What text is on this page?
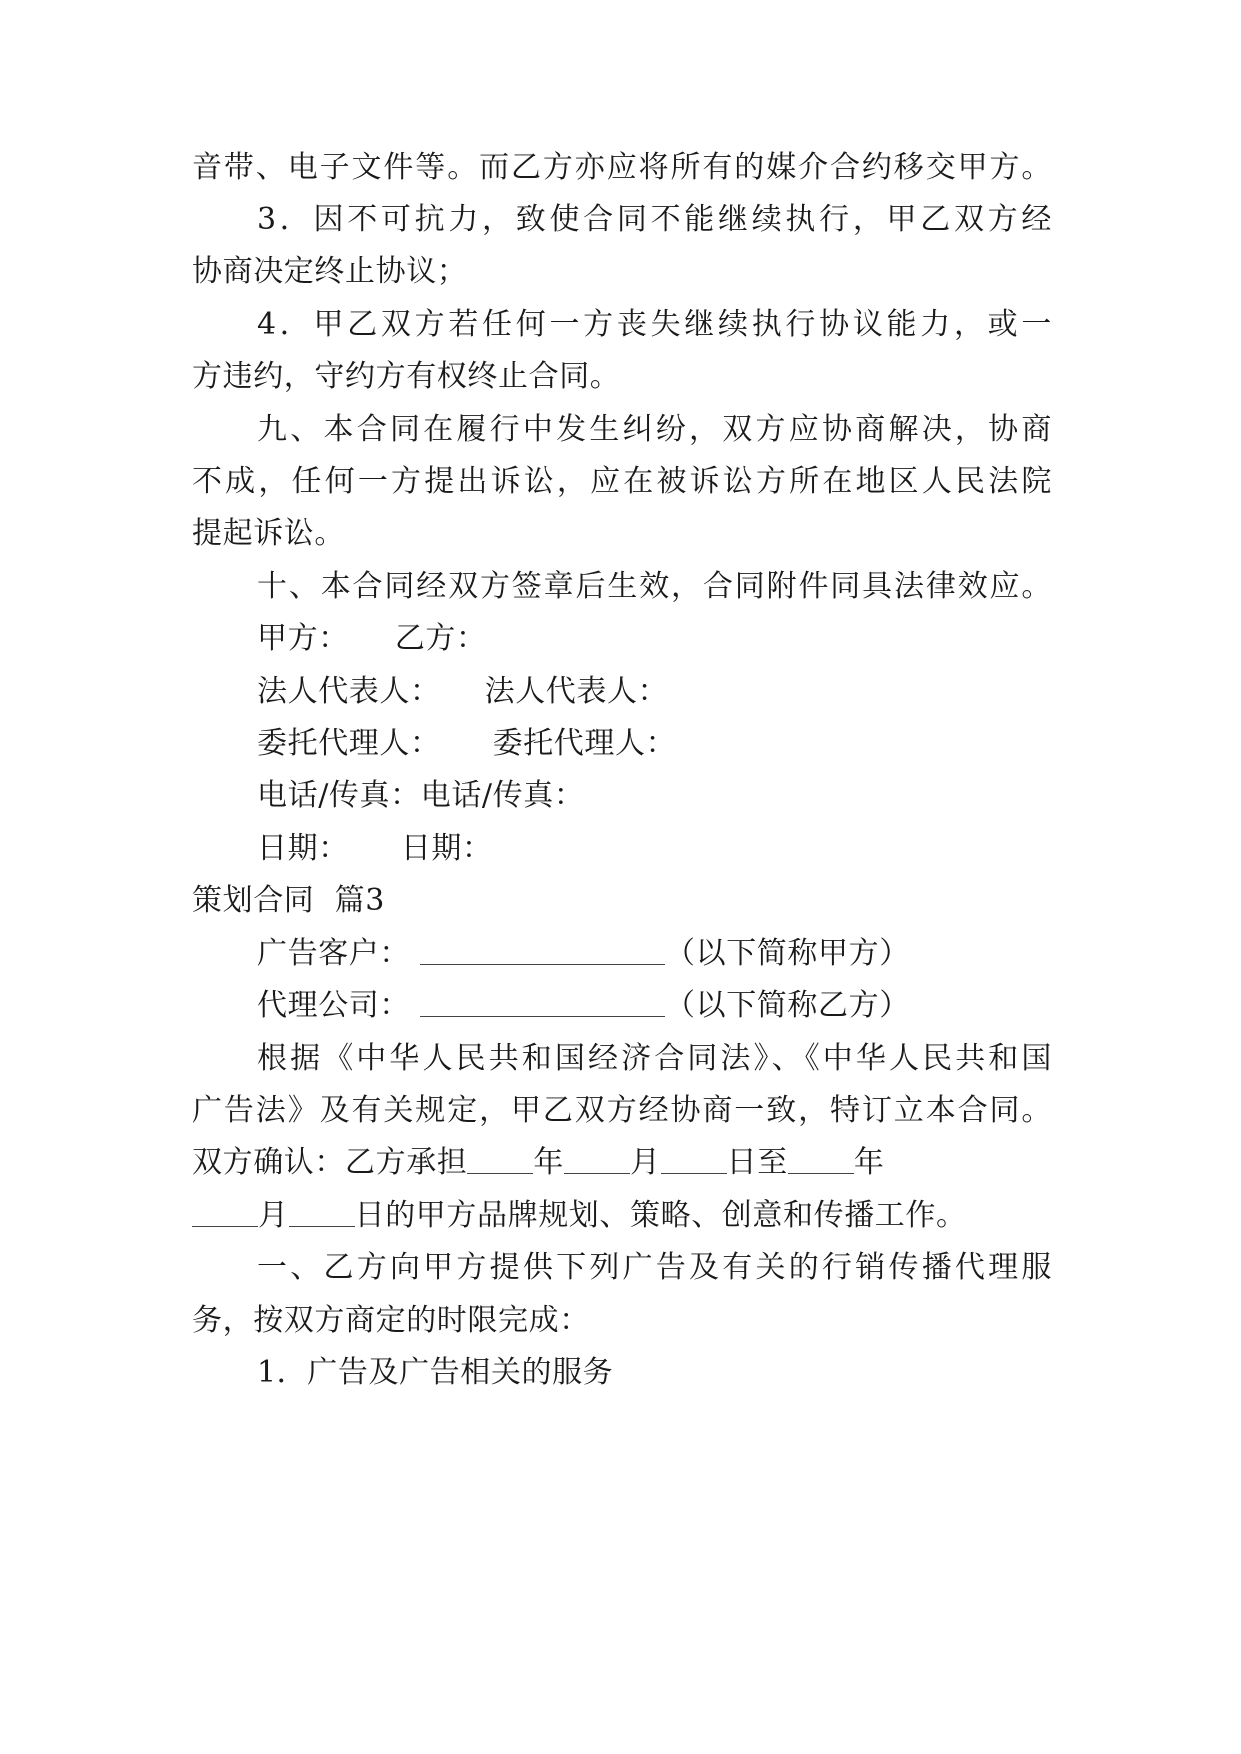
音带、电子文件等。而乙方亦应将所有的媒介合约移交甲方。
3．因不可抗力，致使合同不能继续执行，甲乙双方经
协商决定终止协议；
4．甲乙双方若任何一方丧失继续执行协议能力，或一
方违约，守约方有权终止合同。
九、本合同在履行中发生纠纷，双方应协商解决，协商
不成，任何一方提出诉讼，应在被诉讼方所在地区人民法院
提起诉讼。
十、本合同经双方签章后生效，合同附件同具法律效应。
甲方： 乙方：
法人代表人： 法人代表人：
委托代理人： 委托代理人：
电话/传真：电话/传真：
日期： 日期：
策划合同  篇3
广告客户：	（以下简称甲方）
代理公司：	（以下简称乙方）
根据《中华人民共和国经济合同法》、《中华人民共和国
广告法》及有关规定，甲乙双方经协商一致，特订立本合同。
双方确认：乙方承担 年 月 日至 年
月 日的甲方品牌规划、策略、创意和传播工作。
一、乙方向甲方提供下列广告及有关的行销传播代理服
务，按双方商定的时限完成：
1．广告及广告相关的服务
